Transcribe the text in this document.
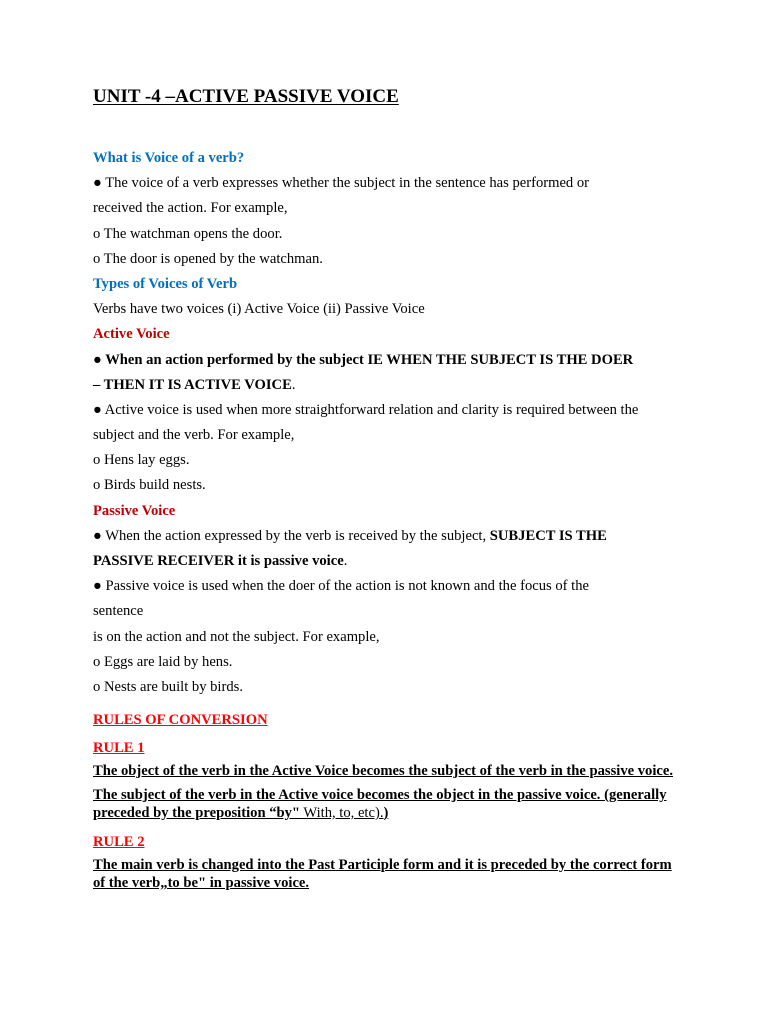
UNIT -4 –ACTIVE PASSIVE VOICE
What is Voice of a verb?
● The voice of a verb expresses whether the subject in the sentence has performed or
received the action. For example,
o The watchman opens the door.
o The door is opened by the watchman.
Types of Voices of Verb
Verbs have two voices (i) Active Voice (ii) Passive Voice
Active Voice
● When an action performed by the subject IE WHEN THE SUBJECT IS THE DOER
– THEN IT IS ACTIVE VOICE.
● Active voice is used when more straightforward relation and clarity is required between the
subject and the verb. For example,
o Hens lay eggs.
o Birds build nests.
Passive Voice
● When the action expressed by the verb is received by the subject, SUBJECT IS THE
PASSIVE RECEIVER it is passive voice.
● Passive voice is used when the doer of the action is not known and the focus of the
sentence
is on the action and not the subject. For example,
o Eggs are laid by hens.
o Nests are built by birds.
RULES OF CONVERSION
RULE 1
The object of the verb in the Active Voice becomes the subject of the verb in the passive voice.
The subject of the verb in the Active voice becomes the object in the passive voice. (generally preceded by the preposition “by" With, to, etc).)
RULE 2
The main verb is changed into the Past Participle form and it is preceded by the correct form of the verb„to be" in passive voice.
